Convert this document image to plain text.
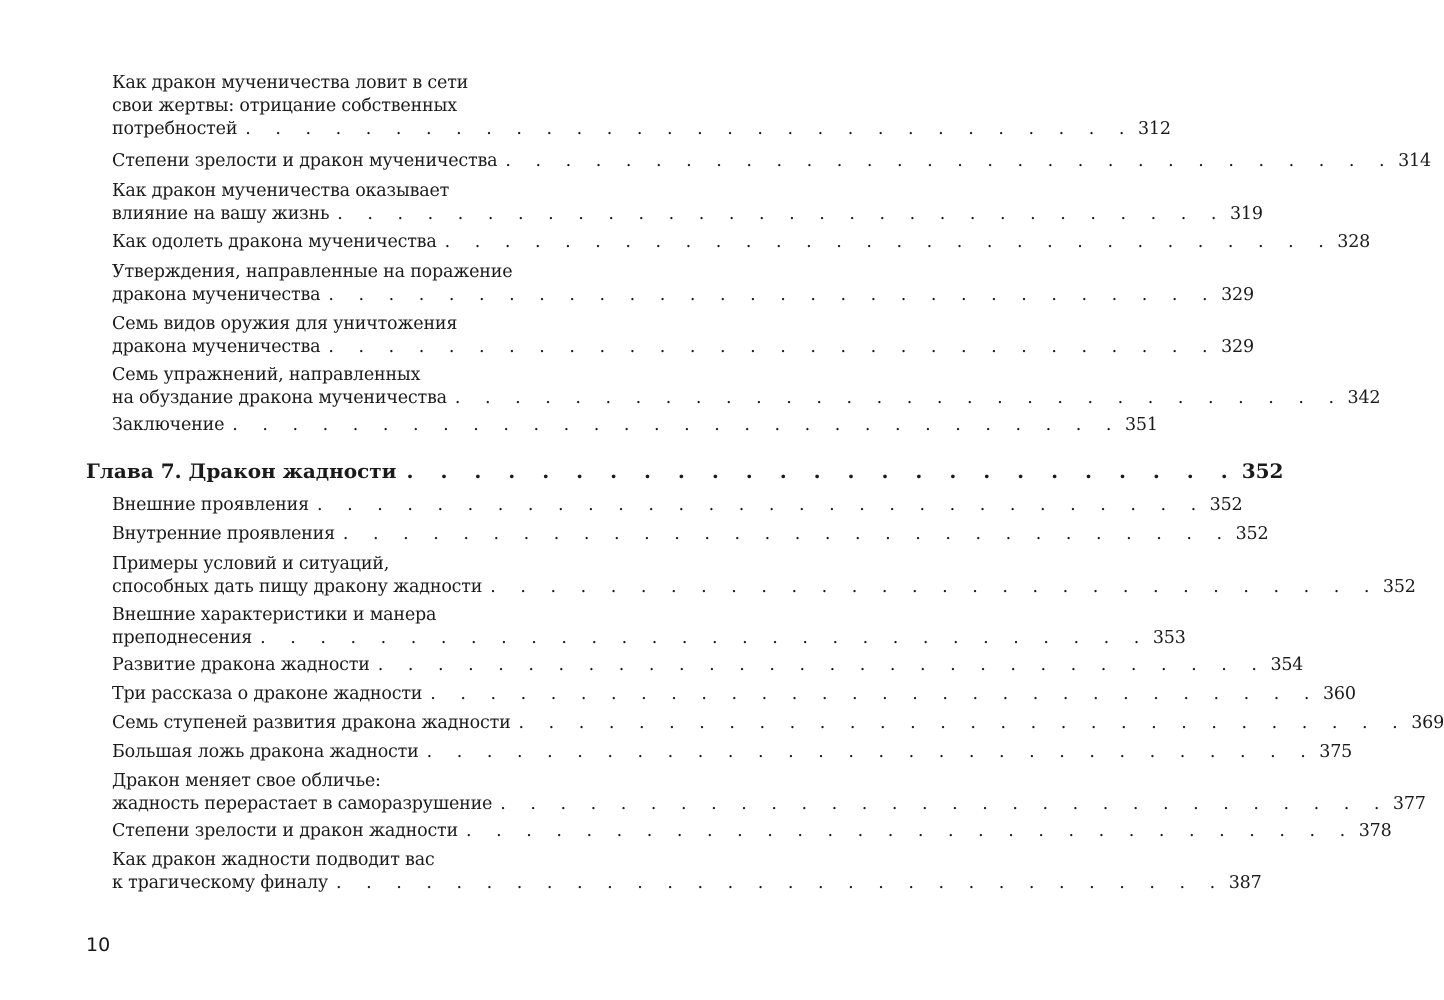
Как дракон мученичества ловит в сети
свои жертвы: отрицание собственных
потребностей . . . . . . . . . . . . . . . . . . . . . . . . . . . . . . 312
Степени зрелости и дракон мученичества . . . . . . . . . . . . . . . . . . . . . . . . . . . . . . 314
Как дракон мученичества оказывает
влияние на вашу жизнь . . . . . . . . . . . . . . . . . . . . . . . . . . . . . . 319
Как одолеть дракона мученичества . . . . . . . . . . . . . . . . . . . . . . . . . . . . . . 328
Утверждения, направленные на поражение
дракона мученичества . . . . . . . . . . . . . . . . . . . . . . . . . . . . . . 329
Семь видов оружия для уничтожения
дракона мученичества . . . . . . . . . . . . . . . . . . . . . . . . . . . . . . 329
Семь упражнений, направленных
на обуздание дракона мученичества . . . . . . . . . . . . . . . . . . . . . . . . . . . . . . 342
Заключение . . . . . . . . . . . . . . . . . . . . . . . . . . . . . . 351
Глава 7. Дракон жадности . . . . . . . . . . . . . . . . . . . . . . . . . 352
Внешние проявления . . . . . . . . . . . . . . . . . . . . . . . . . . . . . . 352
Внутренние проявления . . . . . . . . . . . . . . . . . . . . . . . . . . . . . . 352
Примеры условий и ситуаций,
способных дать пищу дракону жадности . . . . . . . . . . . . . . . . . . . . . . . . . . . . . . 352
Внешние характеристики и манера
преподнесения . . . . . . . . . . . . . . . . . . . . . . . . . . . . . . 353
Развитие дракона жадности . . . . . . . . . . . . . . . . . . . . . . . . . . . . . . 354
Три рассказа о драконе жадности . . . . . . . . . . . . . . . . . . . . . . . . . . . . . . 360
Семь ступеней развития дракона жадности . . . . . . . . . . . . . . . . . . . . . . . . . . . . . . 369
Большая ложь дракона жадности . . . . . . . . . . . . . . . . . . . . . . . . . . . . . . 375
Дракон меняет свое обличье:
жадность перерастает в саморазрушение . . . . . . . . . . . . . . . . . . . . . . . . . . . . . . 377
Степени зрелости и дракон жадности . . . . . . . . . . . . . . . . . . . . . . . . . . . . . . 378
Как дракон жадности подводит вас
к трагическому финалу . . . . . . . . . . . . . . . . . . . . . . . . . . . . . . 387
10
